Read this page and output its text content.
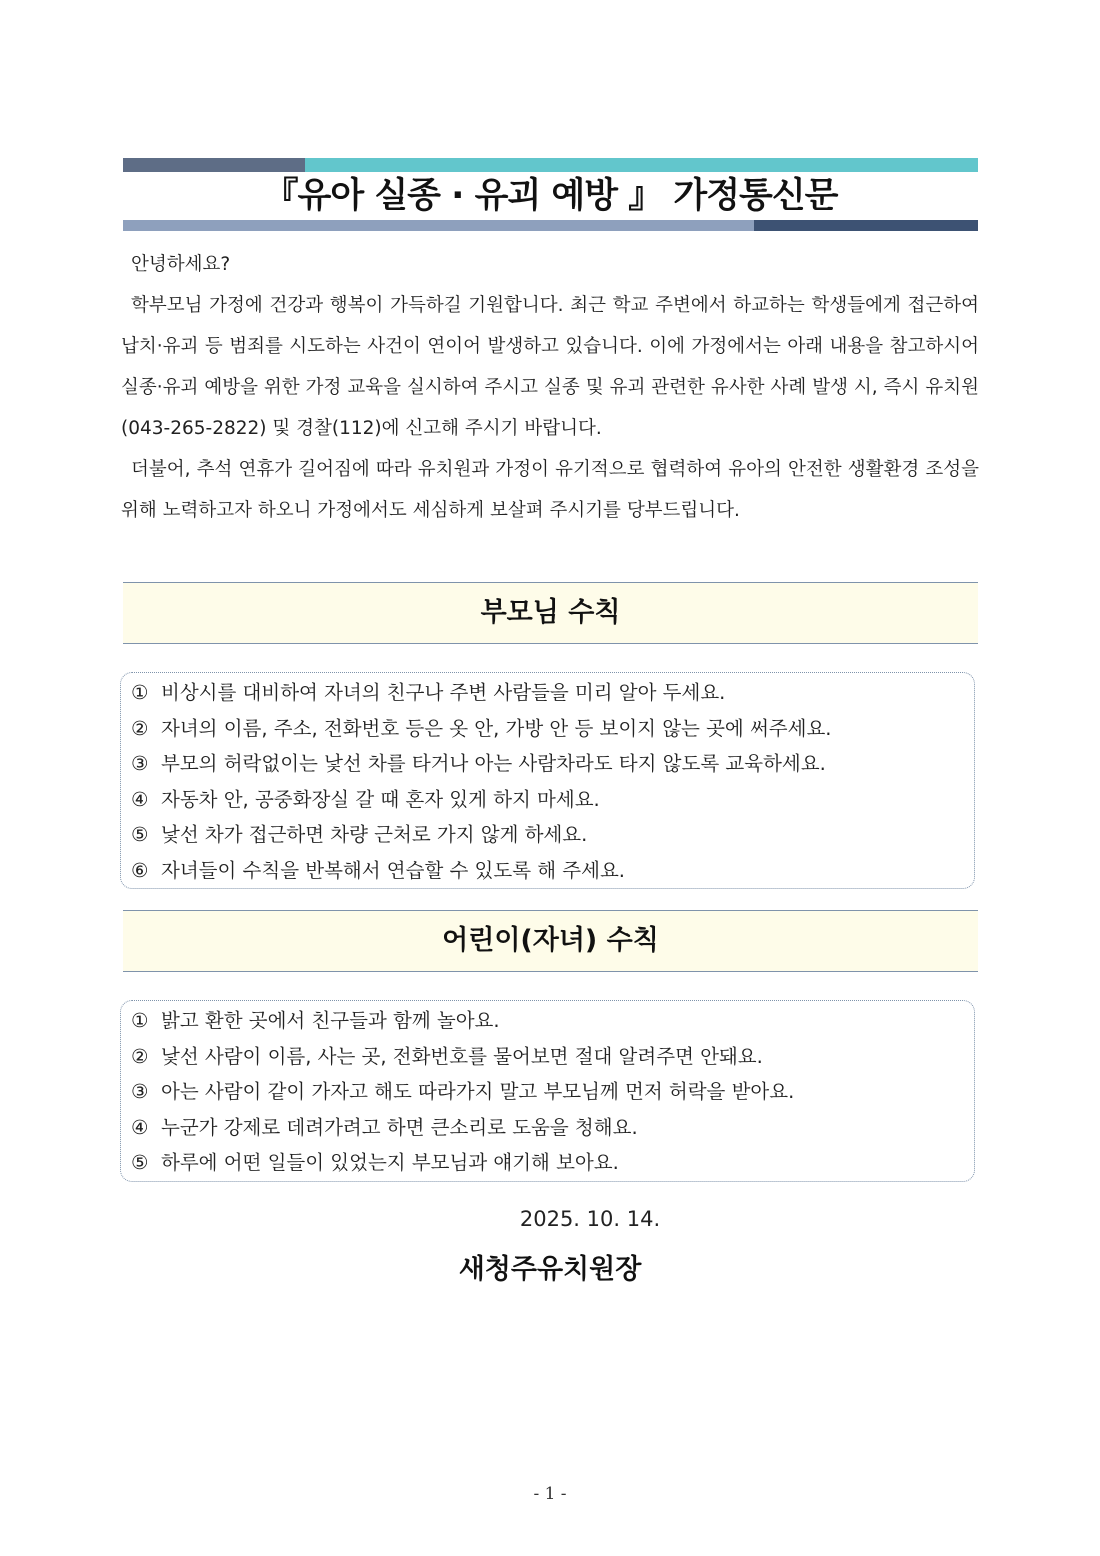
『유아 실종 · 유괴 예방 』 가정통신문

안녕하세요?

학부모님 가정에 건강과 행복이 가득하길 기원합니다. 최근 학교 주변에서 하교하는 학생들에게 접근하여 납치·유괴 등 범죄를 시도하는 사건이 연이어 발생하고 있습니다. 이에 가정에서는 아래 내용을 참고하시어 실종·유괴 예방을 위한 가정 교육을 실시하여 주시고 실종 및 유괴 관련한 유사한 사례 발생 시, 즉시 유치원(043-265-2822) 및 경찰(112)에 신고해 주시기 바랍니다.

더불어, 추석 연휴가 길어짐에 따라 유치원과 가정이 유기적으로 협력하여 유아의 안전한 생활환경 조성을 위해 노력하고자 하오니 가정에서도 세심하게 보살펴 주시기를 당부드립니다.

부모님 수칙
① 비상시를 대비하여 자녀의 친구나 주변 사람들을 미리 알아 두세요.
② 자녀의 이름, 주소, 전화번호 등은 옷 안, 가방 안 등 보이지 않는 곳에 써주세요.
③ 부모의 허락없이는 낯선 차를 타거나 아는 사람차라도 타지 않도록 교육하세요.
④ 자동차 안, 공중화장실 갈 때 혼자 있게 하지 마세요.
⑤ 낯선 차가 접근하면 차량 근처로 가지 않게 하세요.
⑥ 자녀들이 수칙을 반복해서 연습할 수 있도록 해 주세요.
어린이(자녀) 수칙
① 밝고 환한 곳에서 친구들과 함께 놀아요.
② 낯선 사람이 이름, 사는 곳, 전화번호를 물어보면 절대 알려주면 안돼요.
③ 아는 사람이 같이 가자고 해도 따라가지 말고 부모님께 먼저 허락을 받아요.
④ 누군가 강제로 데려가려고 하면 큰소리로 도움을 청해요.
⑤ 하루에 어떤 일들이 있었는지 부모님과 얘기해 보아요.
2025. 10. 14.
새청주유치원장
- 1 -
